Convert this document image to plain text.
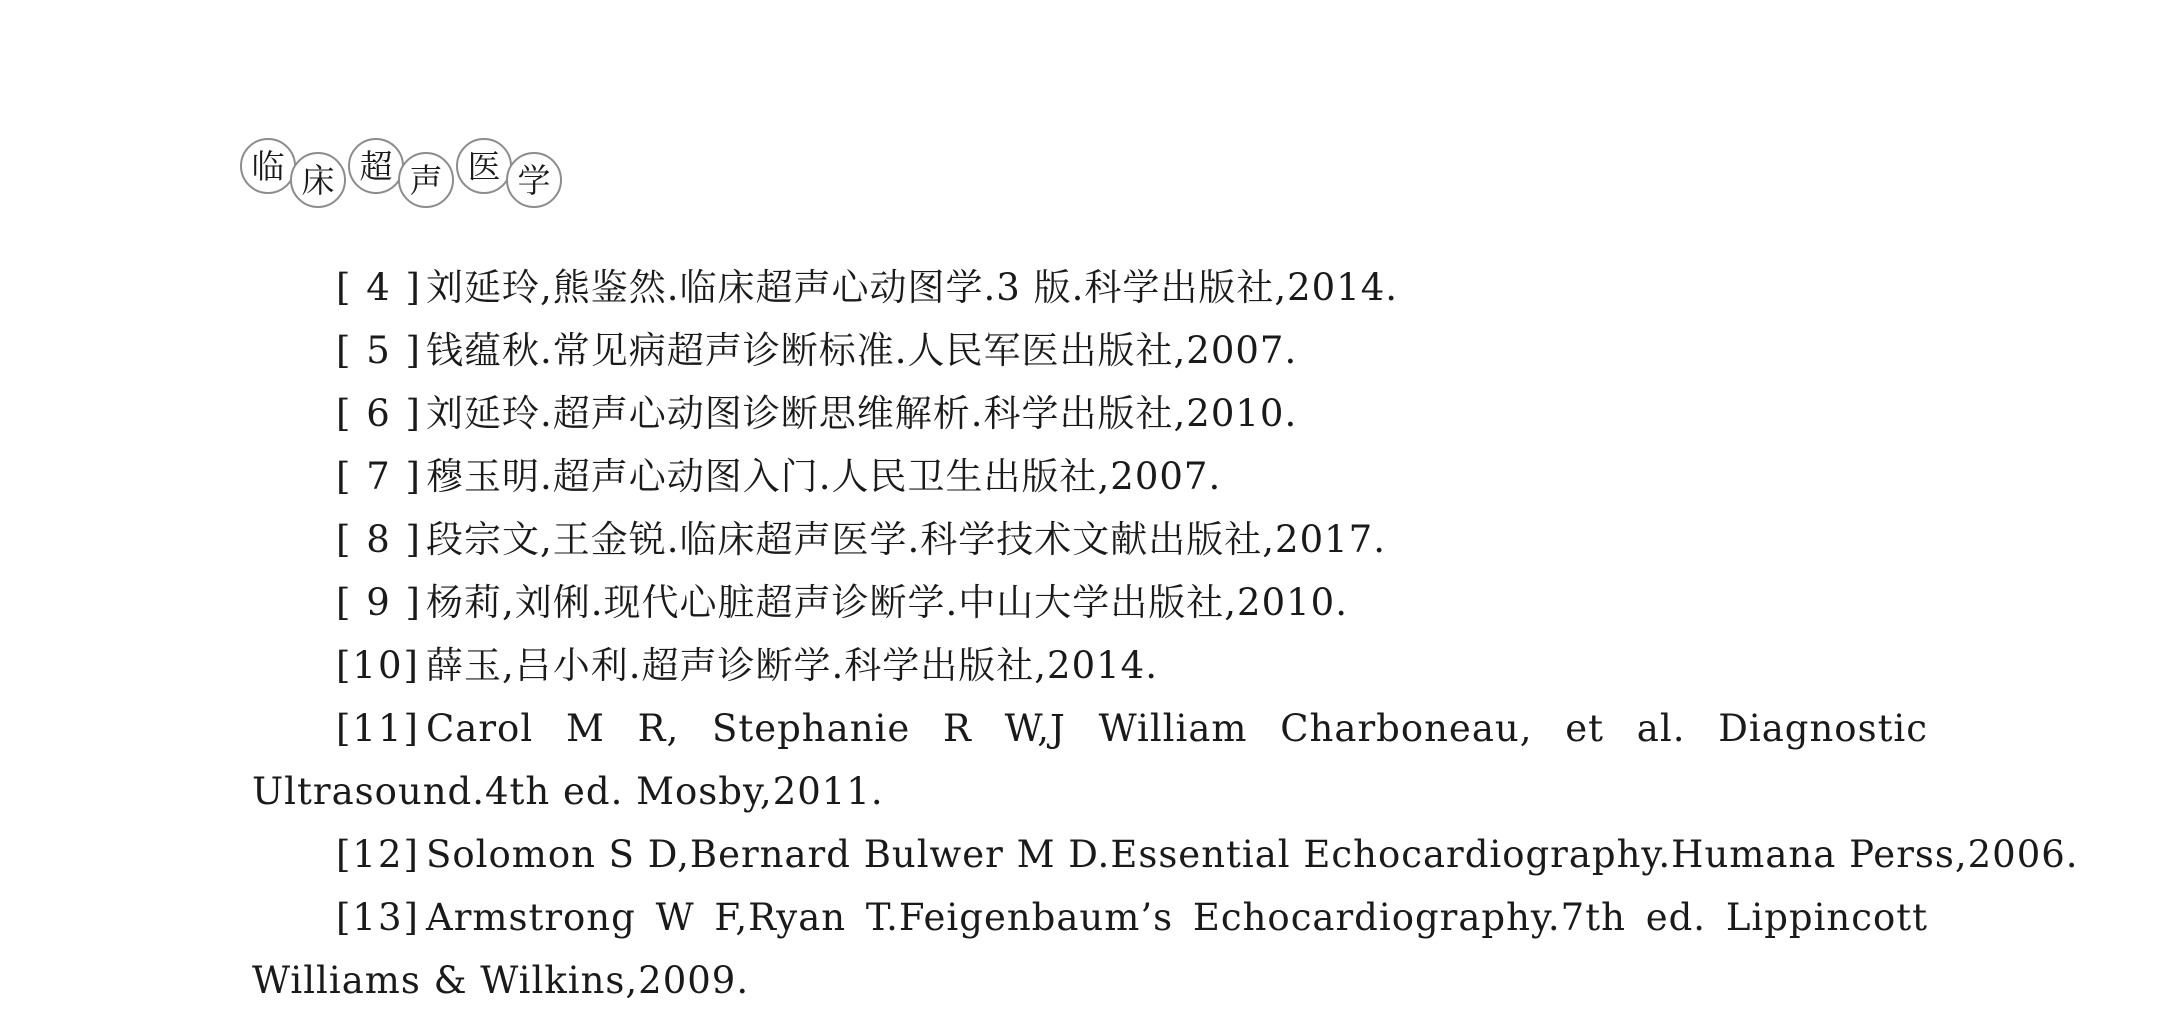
临 床 超 声 医 学
[ 4 ] 刘延玲,熊鉴然.临床超声心动图学.3 版.科学出版社,2014.
[ 5 ] 钱蕴秋.常见病超声诊断标准.人民军医出版社,2007.
[ 6 ] 刘延玲.超声心动图诊断思维解析.科学出版社,2010.
[ 7 ] 穆玉明.超声心动图入门.人民卫生出版社,2007.
[ 8 ] 段宗文,王金锐.临床超声医学.科学技术文献出版社,2017.
[ 9 ] 杨莉,刘俐.现代心脏超声诊断学.中山大学出版社,2010.
[10] 薛玉,吕小利.超声诊断学.科学出版社,2014.
[11] Carol M R, Stephanie R W,J William Charboneau, et al. Diagnostic Ultrasound.4th ed. Mosby,2011.
[12] Solomon S D,Bernard Bulwer M D.Essential Echocardiography.Humana Perss,2006.
[13] Armstrong W F,Ryan T.Feigenbaum’s Echocardiography.7th ed. Lippincott Williams & Wilkins,2009.
